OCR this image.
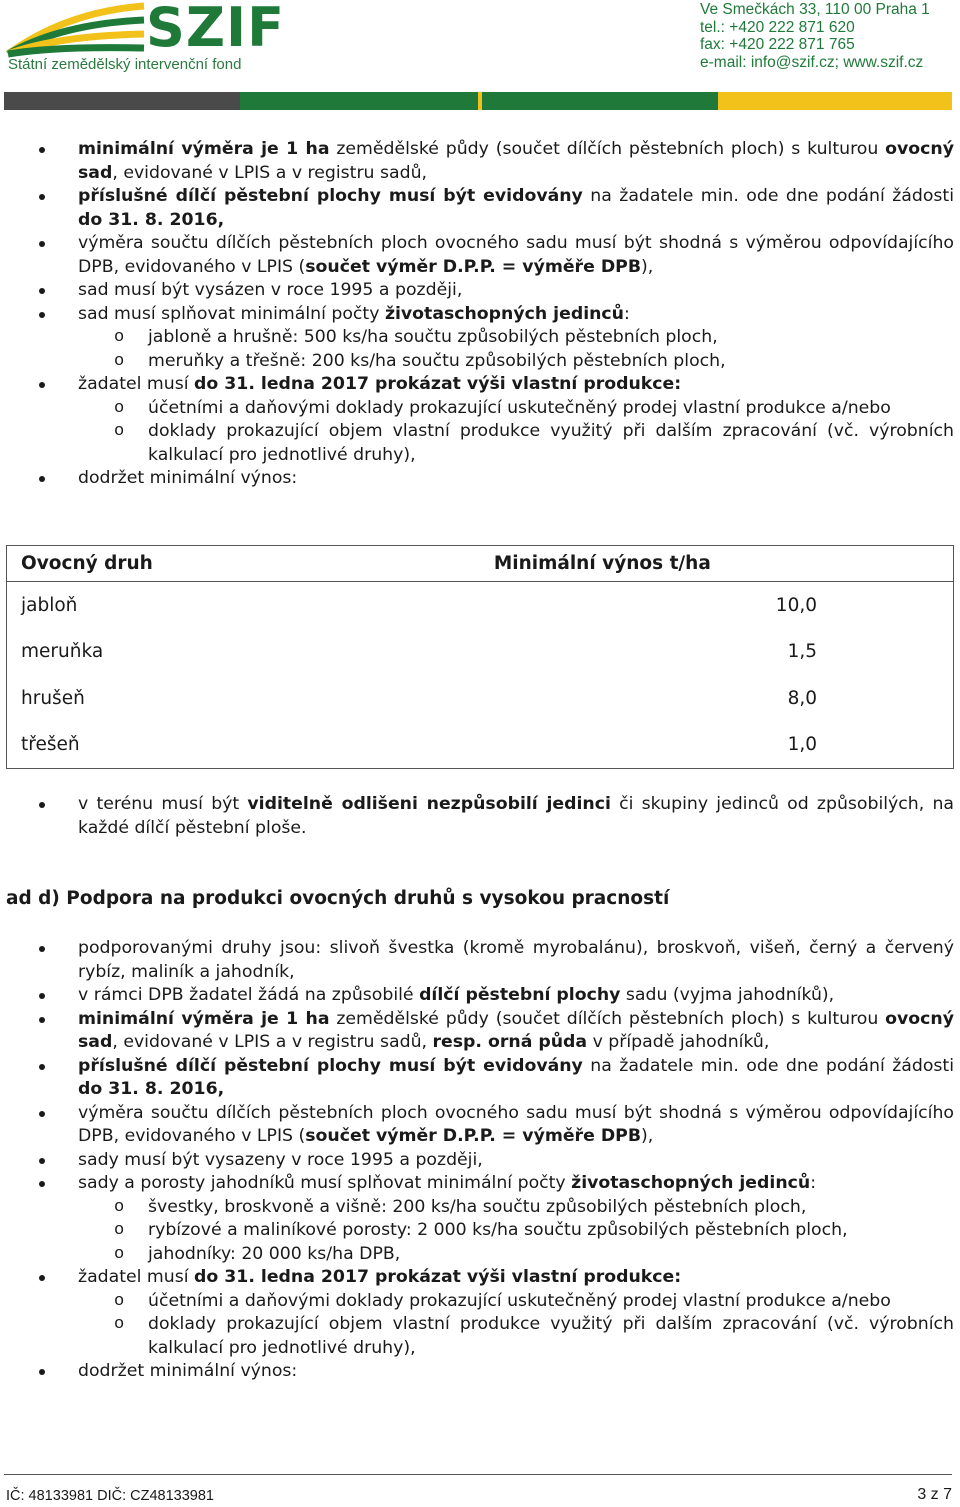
SZIF
Státní zemědělský intervenční fond
Ve Smečkách 33, 110 00 Praha 1
tel.: +420 222 871 620
fax: +420 222 871 765
e-mail: info@szif.cz; www.szif.cz
minimální výměra je 1 ha zemědělské půdy (součet dílčích pěstebních ploch) s kulturou ovocný sad, evidované v LPIS a v registru sadů,
příslušné dílčí pěstební plochy musí být evidovány na žadatele min. ode dne podání žádosti do 31. 8. 2016,
výměra součtu dílčích pěstebních ploch ovocného sadu musí být shodná s výměrou odpovídajícího DPB, evidovaného v LPIS (součet výměr D.P.P. = výměře DPB),
sad musí být vysázen v roce 1995 a později,
sad musí splňovat minimální počty životaschopných jedinců:
o jabloně a hrušně: 500 ks/ha součtu způsobilých pěstebních ploch,
o meruňky a třešně: 200 ks/ha součtu způsobilých pěstebních ploch,
žadatel musí do 31. ledna 2017 prokázat výši vlastní produkce:
o účetními a daňovými doklady prokazující uskutečněný prodej vlastní produkce a/nebo
o doklady prokazující objem vlastní produkce využitý při dalším zpracování (vč. výrobních kalkulací pro jednotlivé druhy),
dodržet minimální výnos:
Ovocný druh	Minimální výnos t/ha
jabloň	10,0
meruňka	1,5
hrušeň	8,0
třešeň	1,0
v terénu musí být viditelně odlišeni nezpůsobilí jedinci či skupiny jedinců od způsobilých, na každé dílčí pěstební ploše.
ad d) Podpora na produkci ovocných druhů s vysokou pracností
podporovanými druhy jsou: slivoň švestka (kromě myrobalánu), broskvoň, višeň, černý a červený rybíz, maliník a jahodník,
v rámci DPB žadatel žádá na způsobilé dílčí pěstební plochy sadu (vyjma jahodníků),
minimální výměra je 1 ha zemědělské půdy (součet dílčích pěstebních ploch) s kulturou ovocný sad, evidované v LPIS a v registru sadů, resp. orná půda v případě jahodníků,
příslušné dílčí pěstební plochy musí být evidovány na žadatele min. ode dne podání žádosti do 31. 8. 2016,
výměra součtu dílčích pěstebních ploch ovocného sadu musí být shodná s výměrou odpovídajícího DPB, evidovaného v LPIS (součet výměr D.P.P. = výměře DPB),
sady musí být vysazeny v roce 1995 a později,
sady a porosty jahodníků musí splňovat minimální počty životaschopných jedinců:
o švestky, broskvoně a višně: 200 ks/ha součtu způsobilých pěstebních ploch,
o rybízové a maliníkové porosty: 2 000 ks/ha součtu způsobilých pěstebních ploch,
o jahodníky: 20 000 ks/ha DPB,
žadatel musí do 31. ledna 2017 prokázat výši vlastní produkce:
o účetními a daňovými doklady prokazující uskutečněný prodej vlastní produkce a/nebo
o doklady prokazující objem vlastní produkce využitý při dalším zpracování (vč. výrobních kalkulací pro jednotlivé druhy),
dodržet minimální výnos:
IČ: 48133981 DIČ: CZ48133981	3 z 7
